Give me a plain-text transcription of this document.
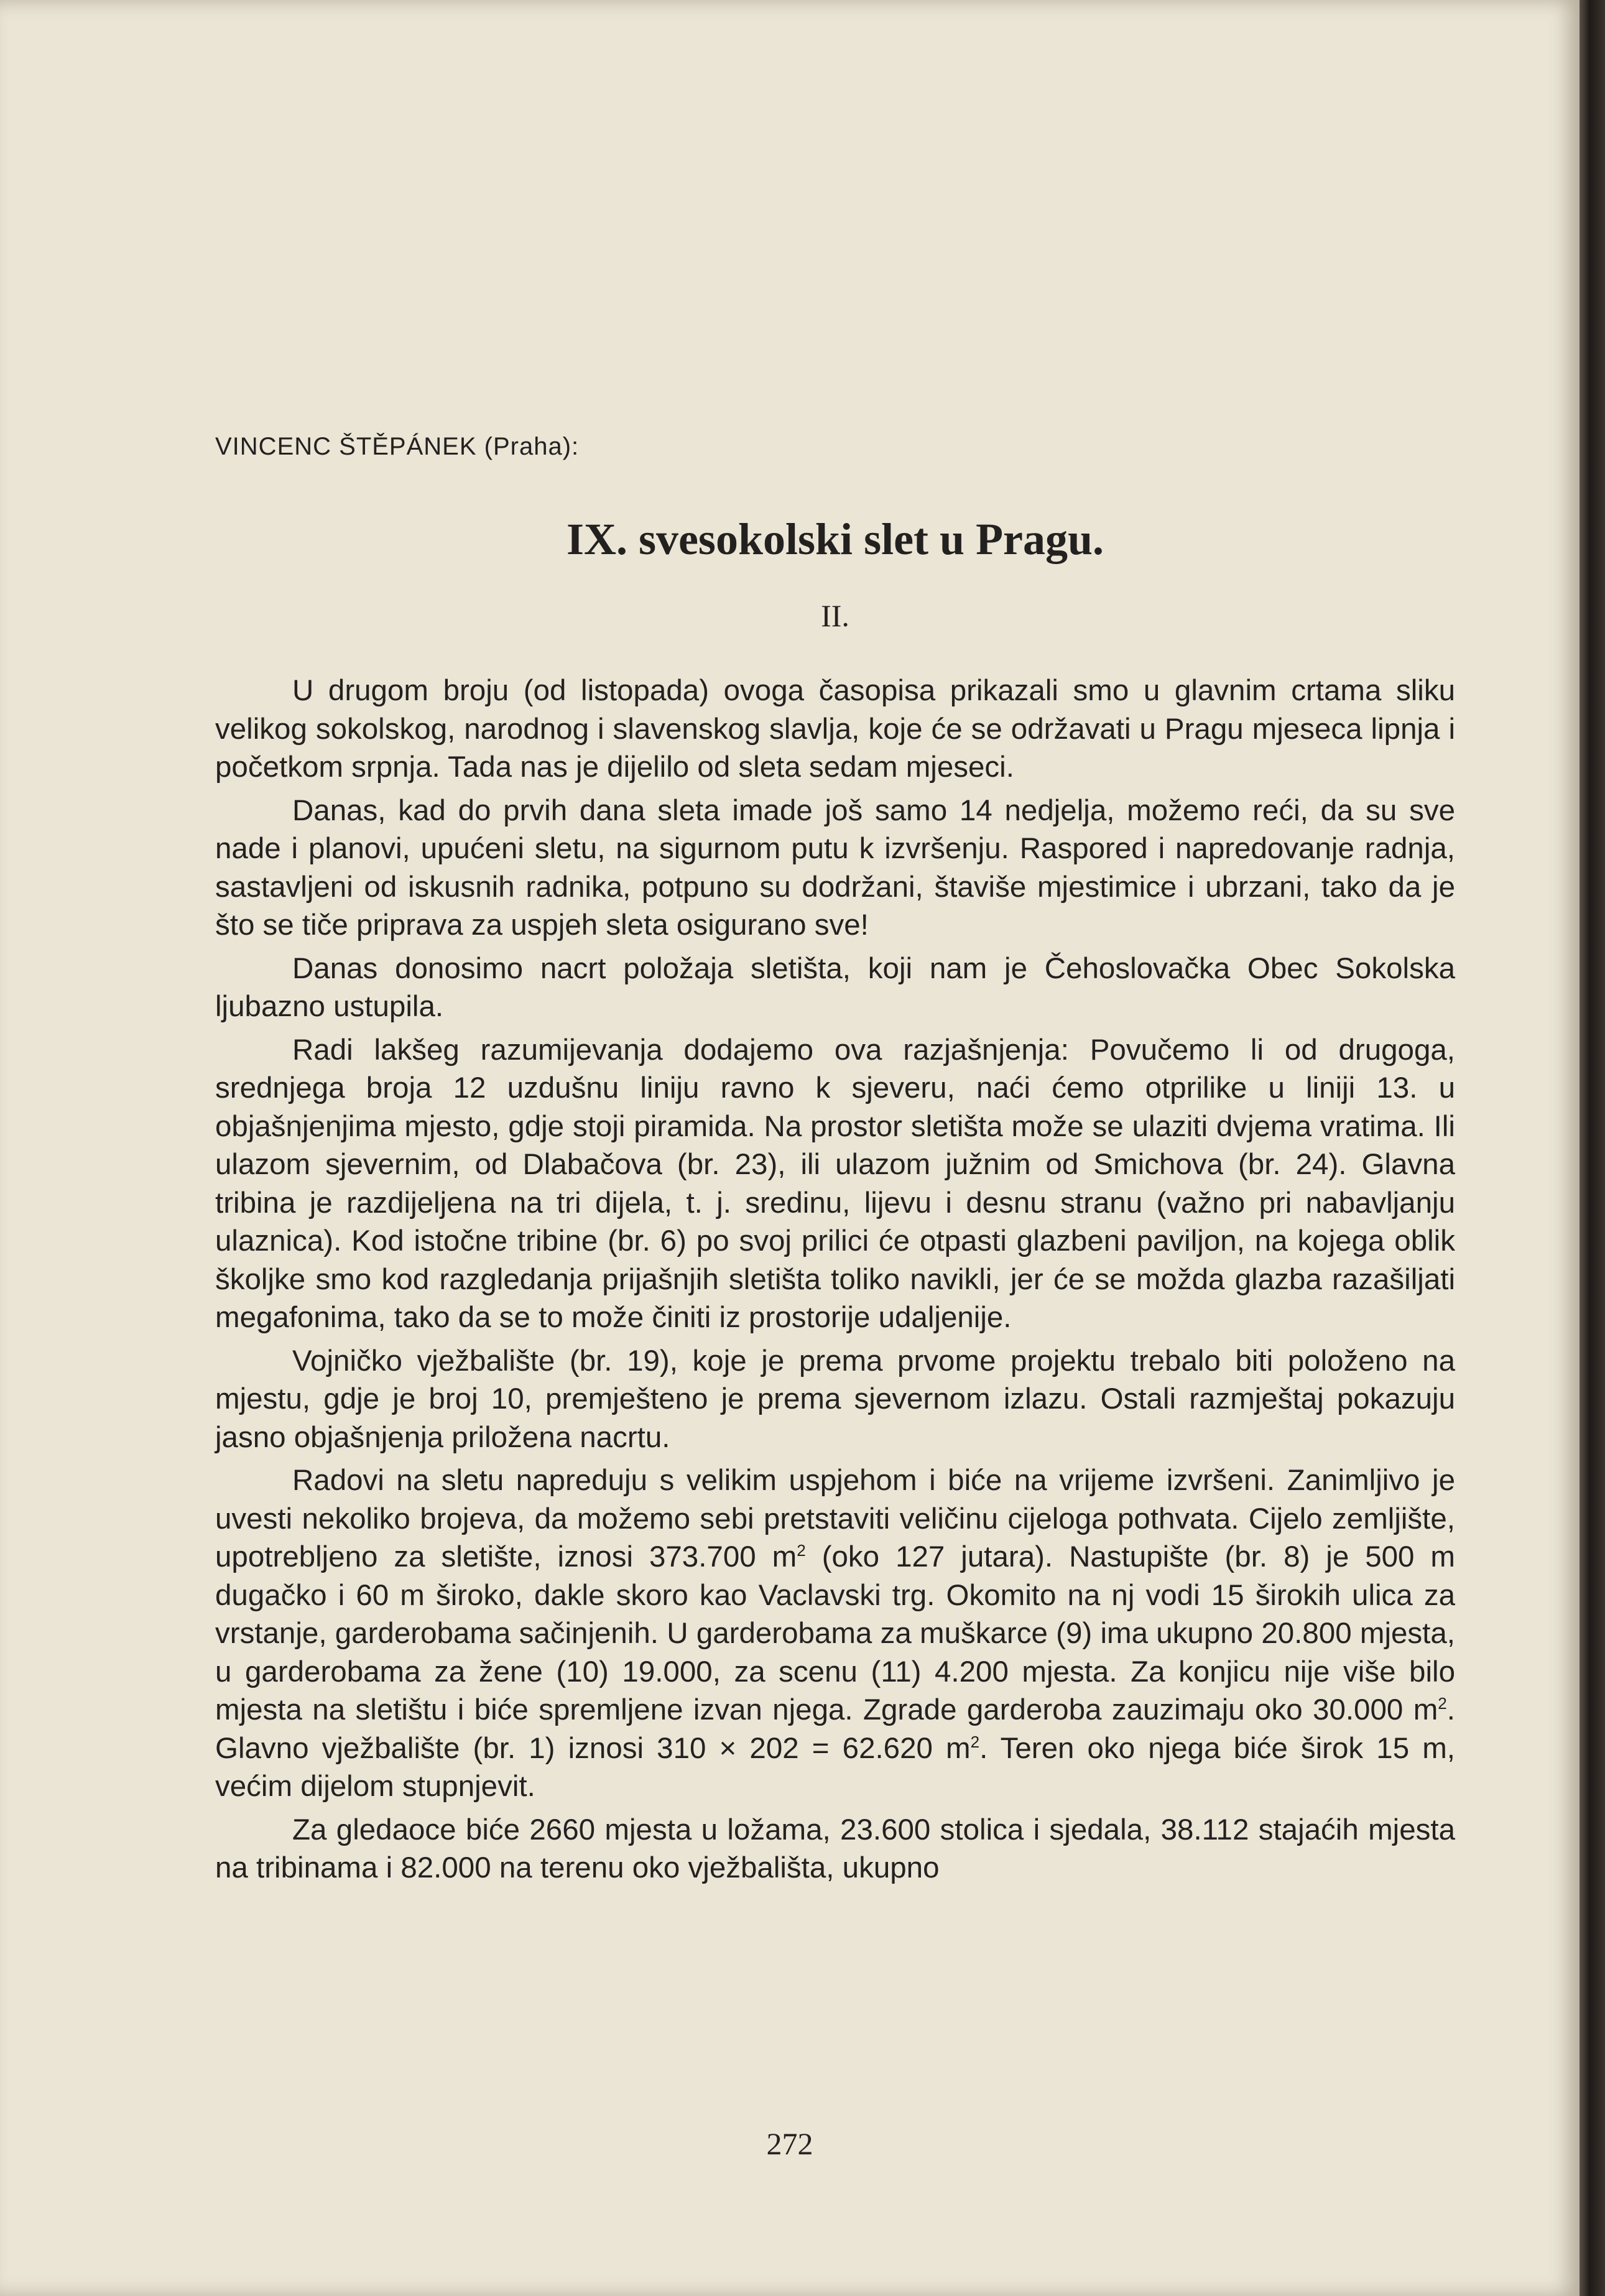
VINCENC ŠTĚPÁNEK (Praha):
IX. svesokolski slet u Pragu.
II.

U drugom broju (od listopada) ovoga časopisa prikazali smo u glavnim crtama sliku velikog sokolskog, narodnog i slavenskog slavlja, koje će se održavati u Pragu mjeseca lipnja i početkom srpnja. Tada nas je dijelilo od sleta sedam mjeseci.

Danas, kad do prvih dana sleta imade još samo 14 nedjelja, možemo reći, da su sve nade i planovi, upućeni sletu, na sigurnom putu k izvršenju. Raspored i napredovanje radnja, sastavljeni od iskusnih radnika, potpuno su dodržani, štaviše mjestimice i ubrzani, tako da je što se tiče priprava za uspjeh sleta osigurano sve!

Danas donosimo nacrt položaja sletišta, koji nam je Čehoslovačka Obec Sokolska ljubazno ustupila.

Radi lakšeg razumijevanja dodajemo ova razjašnjenja: Povučemo li od drugoga, srednjega broja 12 uzdušnu liniju ravno k sjeveru, naći ćemo otprilike u liniji 13. u objašnjenjima mjesto, gdje stoji piramida. Na prostor sletišta može se ulaziti dvjema vratima. Ili ulazom sjevernim, od Dlabačova (br. 23), ili ulazom južnim od Smichova (br. 24). Glavna tribina je razdijeljena na tri dijela, t. j. sredinu, lijevu i desnu stranu (važno pri nabavljanju ulaznica). Kod istočne tribine (br. 6) po svoj prilici će otpasti glazbeni paviljon, na kojega oblik školjke smo kod razgledanja prijašnjih sletišta toliko navikli, jer će se možda glazba razašiljati megafonima, tako da se to može činiti iz prostorije udaljenije.

Vojničko vježbalište (br. 19), koje je prema prvome projektu trebalo biti položeno na mjestu, gdje je broj 10, premješteno je prema sjevernom izlazu. Ostali razmještaj pokazuju jasno objašnjenja priložena nacrtu.

Radovi na sletu napreduju s velikim uspjehom i biće na vrijeme izvršeni. Zanimljivo je uvesti nekoliko brojeva, da možemo sebi pretstaviti veličinu cijeloga pothvata. Cijelo zemljište, upotrebljeno za sletište, iznosi 373.700 $m^2$ (oko 127 jutara). Nastupište (br. 8) je 500 m dugačko i 60 m široko, dakle skoro kao Vaclavski trg. Okomito na nj vodi 15 širokih ulica za vrstanje, garderobama sačinjenih. U garderobama za muškarce (9) ima ukupno 20.800 mjesta, u garderobama za žene (10) 19.000, za scenu (11) 4.200 mjesta. Za konjicu nije više bilo mjesta na sletištu i biće spremljene izvan njega. Zgrade garderoba zauzimaju oko 30.000 $m^2$. Glavno vježbalište (br. 1) iznosi 310 × 202 = 62.620 $m^2$. Teren oko njega biće širok 15 m, većim dijelom stupnjevit.

Za gledaoce biće 2660 mjesta u ložama, 23.600 stolica i sjedala, 38.112 stajaćih mjesta na tribinama i 82.000 na terenu oko vježbališta, ukupno

272
